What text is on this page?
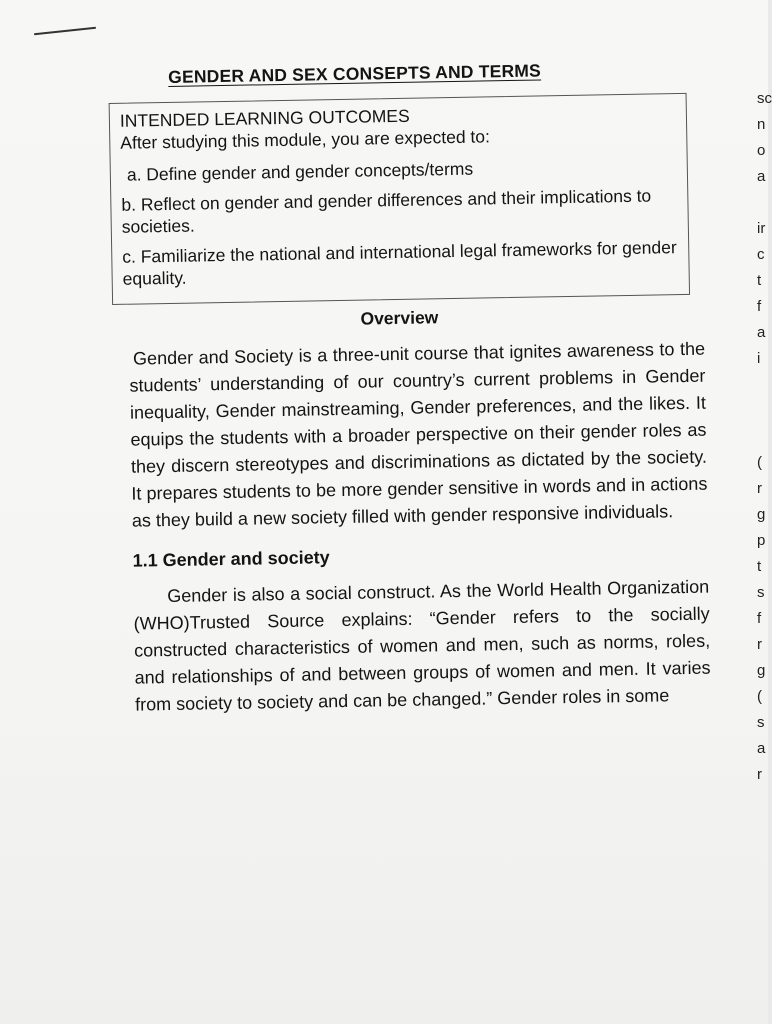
sc
n
o
a
ir
c
t
f
a
i
(
r
g
p
t
s
f
r
g
(
s
a
r
GENDER AND SEX CONSEPTS AND TERMS

INTENDED LEARNING OUTCOMES

After studying this module, you are expected to:

a. Define gender and gender concepts/terms

b. Reflect on gender and gender differences and their implications to societies.

c. Familiarize the national and international legal frameworks for gender equality.

Overview

Gender and Society is a three-unit course that ignites awareness to the students’ understanding of our country’s current problems in Gender inequality, Gender mainstreaming, Gender preferences, and the likes. It equips the students with a broader perspective on their gender roles as they discern stereotypes and discriminations as dictated by the society. It prepares students to be more gender sensitive in words and in actions as they build a new society filled with gender responsive individuals.

1.1 Gender and society

Gender is also a social construct. As the World Health Organization (WHO)Trusted Source explains: “Gender refers to the socially constructed characteristics of women and men, such as norms, roles, and relationships of and between groups of women and men. It varies from society to society and can be changed.” Gender roles in some
